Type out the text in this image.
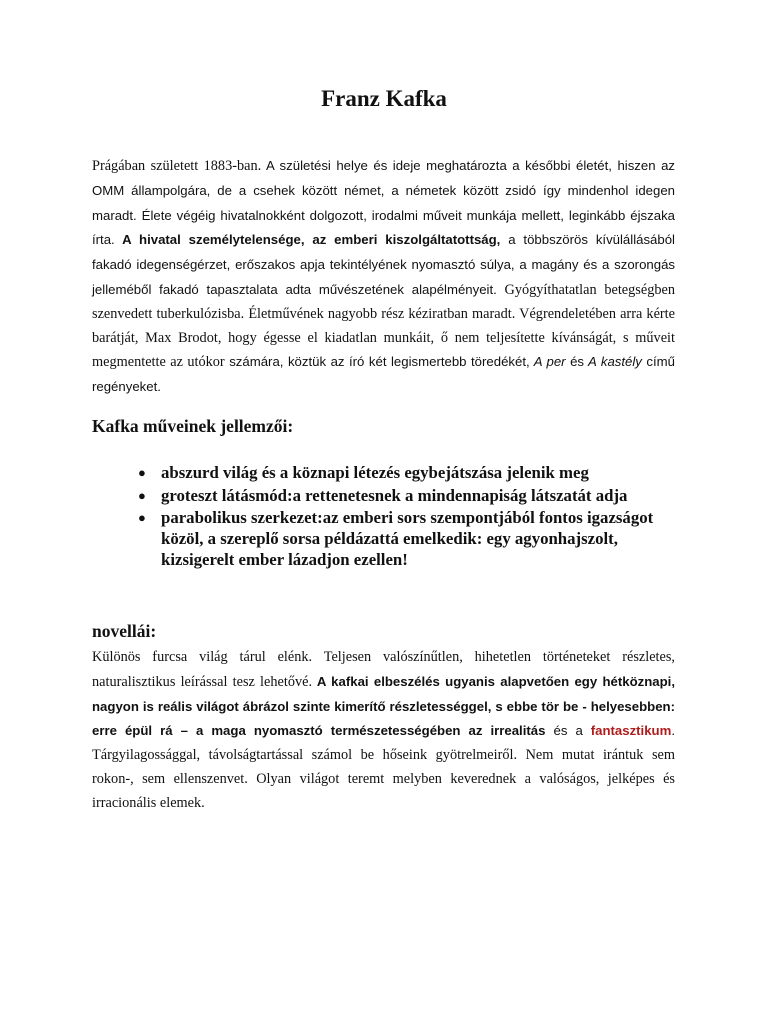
Franz Kafka

Prágában született 1883-ban. A születési helye és ideje meghatározta a későbbi életét, hiszen az OMM állampolgára, de a csehek között német, a németek között zsidó így mindenhol idegen maradt. Élete végéig hivatalnokként dolgozott, irodalmi műveit munkája mellett, leginkább éjszaka írta. A hivatal személytelensége, az emberi kiszolgáltatottság, a többszörös kívülállásából fakadó idegenségérzet, erőszakos apja tekintélyének nyomasztó súlya, a magány és a szorongás jelleméből fakadó tapasztalata adta művészetének alapélményeit. Gyógyíthatatlan betegségben szenvedett tuberkulózisba. Életművének nagyobb rész kéziratban maradt. Végrendeletében arra kérte barátját, Max Brodot, hogy égesse el kiadatlan munkáit, ő nem teljesítette kívánságát, s műveit megmentette az utókor számára, köztük az író két legismertebb töredékét, A per és A kastély című regényeket.

Kafka műveinek jellemzői:
● abszurd világ és a köznapi létezés egybejátszása jelenik meg
● groteszt látásmód:a rettenetesnek a mindennapiság látszatát adja
● parabolikus szerkezet:az emberi sors szempontjából fontos igazságot közöl, a szereplő sorsa példázattá emelkedik: egy agyonhajszolt, kizsigerelt ember lázadjon ezellen!
novellái:

Különös furcsa világ tárul elénk. Teljesen valószínűtlen, hihetetlen történeteket részletes, naturalisztikus leírással tesz lehetővé. A kafkai elbeszélés ugyanis alapvetően egy hétköznapi, nagyon is reális világot ábrázol szinte kimerítő részletességgel, s ebbe tör be - helyesebben: erre épül rá – a maga nyomasztó természetességében az irrealitás és a fantasztikum. Tárgyilagossággal, távolságtartással számol be hőseink gyötrelmeiről. Nem mutat irántuk sem rokon-, sem ellenszenvet. Olyan világot teremt melyben keverednek a valóságos, jelképes és irracionális elemek.
